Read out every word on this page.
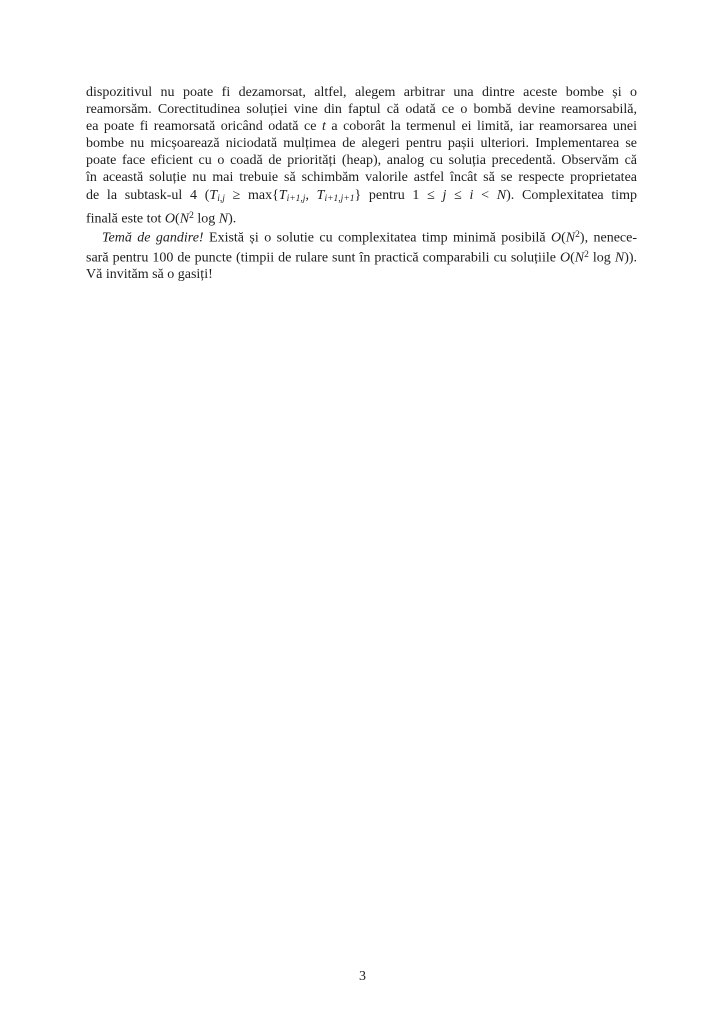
dispozitivul nu poate fi dezamorsat, altfel, alegem arbitrar una dintre aceste bombe și o
reamorsăm. Corectitudinea soluției vine din faptul că odată ce o bombă devine reamorsabilă,
ea poate fi reamorsată oricând odată ce t a coborât la termenul ei limită, iar reamorsarea unei
bombe nu micșoarează niciodată mulțimea de alegeri pentru pașii ulteriori. Implementarea se
poate face eficient cu o coadă de priorități (heap), analog cu soluția precedentă. Observăm că
în această soluție nu mai trebuie să schimbăm valorile astfel încât să se respecte proprietatea
de la subtask-ul 4 (Ti,j ≥ max{Ti+1,j, Ti+1,j+1} pentru 1 ≤ j ≤ i < N). Complexitatea timp
finală este tot $O(N^2$ log N).
Temă de gandire! Există și o solutie cu complexitatea timp minimă posibilă $O(N^2)$, nenece-
sară pentru 100 de puncte (timpii de rulare sunt în practică comparabili cu soluțiile $O(N^2$ log N)).
Vă invităm să o gasiți!
3
